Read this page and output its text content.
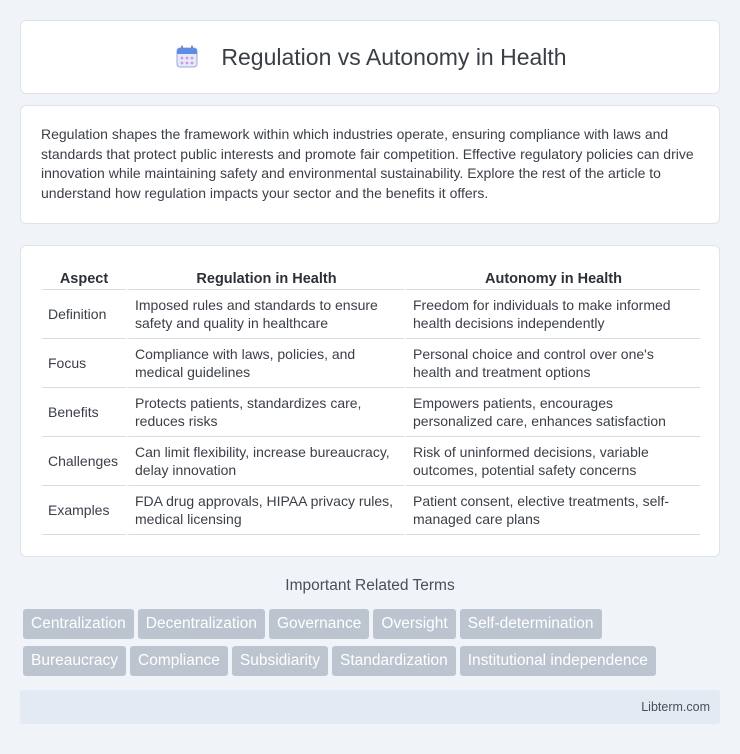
Regulation vs Autonomy in Health

Regulation shapes the framework within which industries operate, ensuring compliance with laws and standards that protect public interests and promote fair competition. Effective regulatory policies can drive innovation while maintaining safety and environmental sustainability. Explore the rest of the article to understand how regulation impacts your sector and the benefits it offers.

Aspect	Regulation in Health	Autonomy in Health
Definition	Imposed rules and standards to ensure safety and quality in healthcare	Freedom for individuals to make informed health decisions independently
Focus	Compliance with laws, policies, and medical guidelines	Personal choice and control over one's health and treatment options
Benefits	Protects patients, standardizes care, reduces risks	Empowers patients, encourages personalized care, enhances satisfaction
Challenges	Can limit flexibility, increase bureaucracy, delay innovation	Risk of uninformed decisions, variable outcomes, potential safety concerns
Examples	FDA drug approvals, HIPAA privacy rules, medical licensing	Patient consent, elective treatments, self-managed care plans
Important Related Terms
Centralization Decentralization Governance Oversight Self-determination
Bureaucracy Compliance Subsidiarity Standardization Institutional independence
Libterm.com
